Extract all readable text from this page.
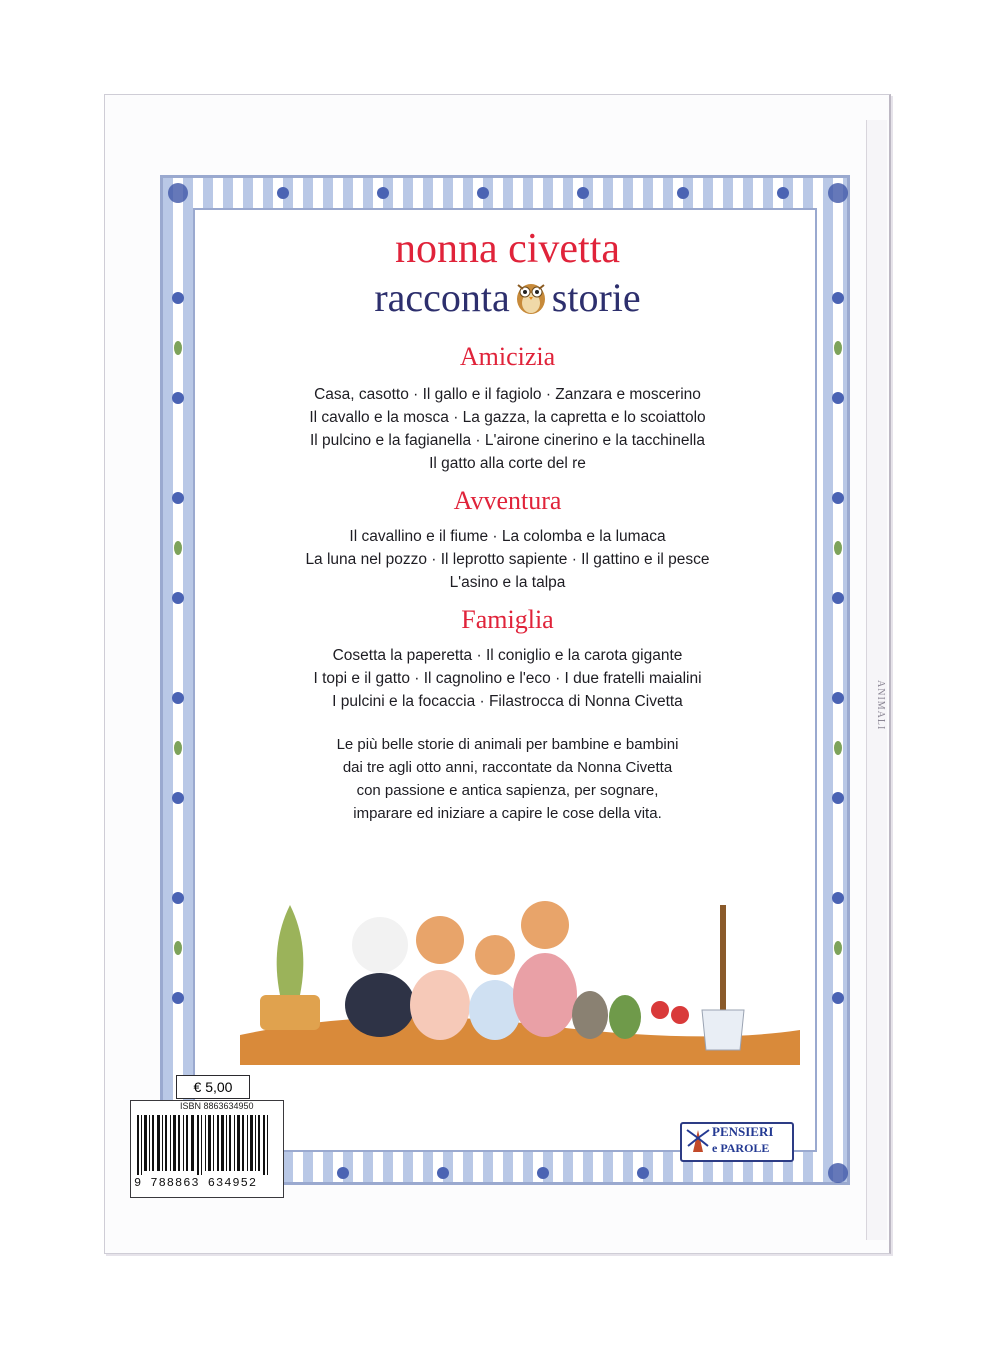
ANIMALI

nonna civetta

racconta storie

Amicizia

Casa, casotto · Il gallo e il fagiolo · Zanzara e moscerino

Il cavallo e la mosca · La gazza, la capretta e lo scoiattolo

Il pulcino e la fagianella · L'airone cinerino e la tacchinella

Il gatto alla corte del re

Avventura

Il cavallino e il fiume · La colomba e la lumaca

La luna nel pozzo · Il leprotto sapiente · Il gattino e il pesce

L'asino e la talpa

Famiglia

Cosetta la paperetta · Il coniglio e la carota gigante

I topi e il gatto · Il cagnolino e l'eco · I due fratelli maialini

I pulcini e la focaccia · Filastrocca di Nonna Civetta

Le più belle storie di animali per bambine e bambini

dai tre agli otto anni, raccontate da Nonna Civetta

con passione e antica sapienza, per sognare,

imparare ed iniziare a capire le cose della vita.

€ 5,00
ISBN 8863634950
9 788863 634952
PENSIERI
e PAROLE
